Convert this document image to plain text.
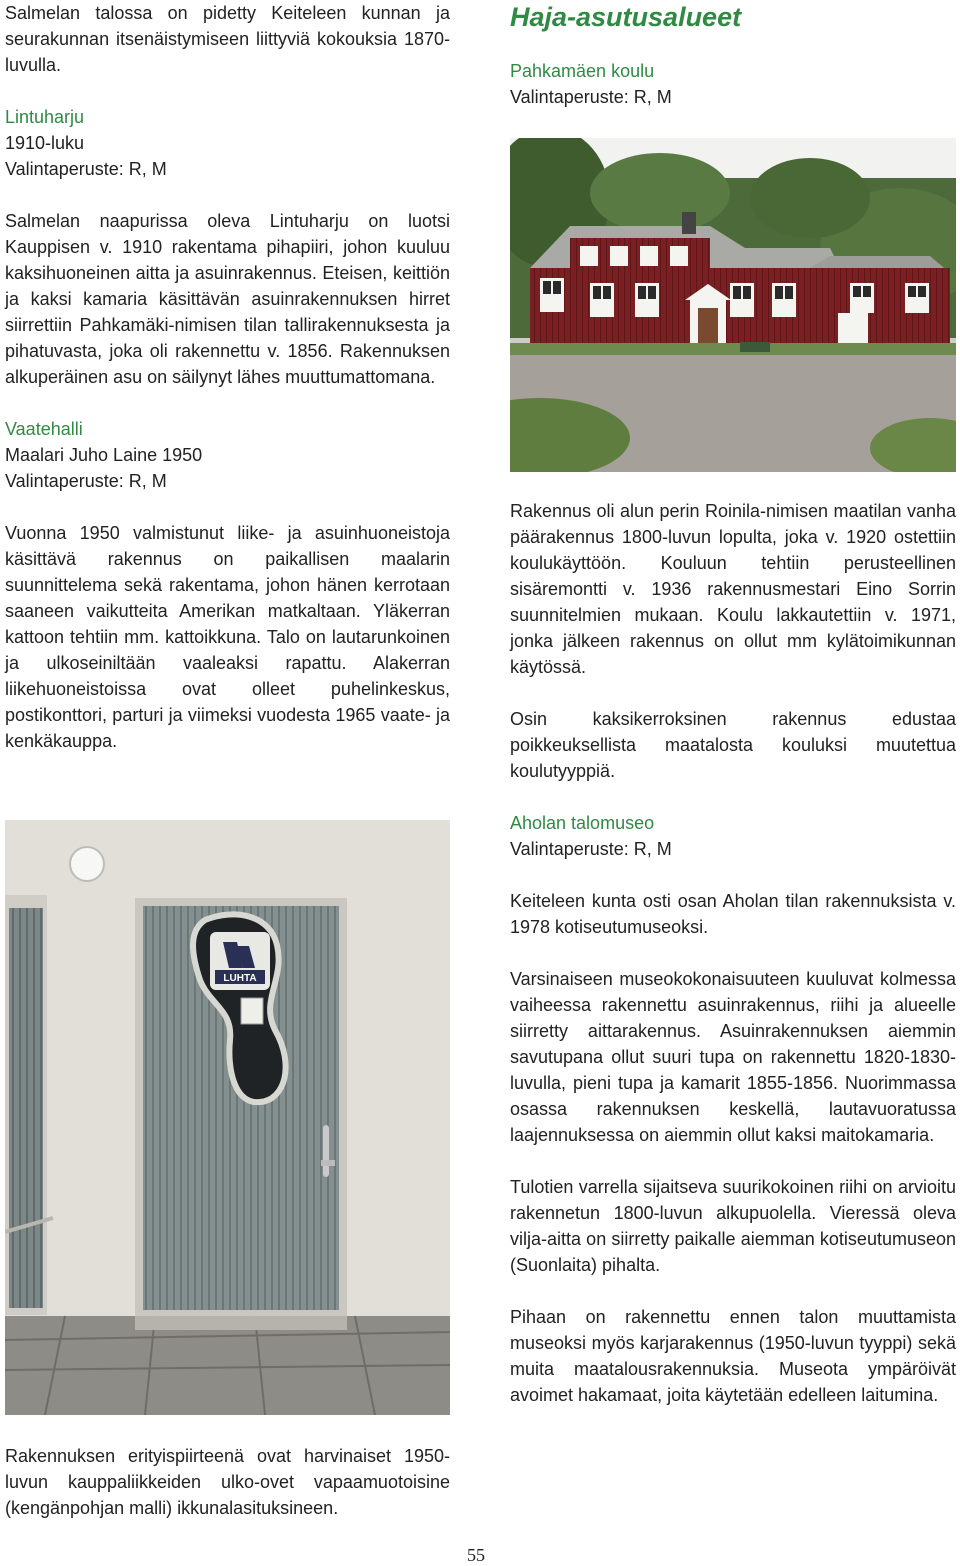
Salmelan talossa on pidetty Keiteleen kunnan ja seurakunnan itsenäistymiseen liittyviä kokouksia 1870-luvulla.

Lintuharju
1910-luku
Valintaperuste: R, M

Salmelan naapurissa oleva Lintuharju on luotsi Kauppisen v. 1910 rakentama pihapiiri, johon kuuluu kaksihuoneinen aitta ja asuinrakennus. Eteisen, keittiön ja kaksi kamaria käsittävän asuinrakennuksen hirret siirrettiin Pahkamäki-nimisen tilan tallirakennuksesta ja pihatuvasta, joka oli rakennettu v. 1856. Rakennuksen alkuperäinen asu on säilynyt lähes muuttumattomana.

Vaatehalli
Maalari Juho Laine 1950
Valintaperuste: R, M

Vuonna 1950 valmistunut liike- ja asuinhuoneistoja käsittävä rakennus on paikallisen maalarin suunnittelema sekä rakentama, johon hänen kerrotaan saaneen vaikutteita Amerikan matkaltaan. Yläkerran kattoon tehtiin mm. kattoikkuna. Talo on lautarunkoinen ja ulkoseiniltään vaaleaksi rapattu. Alakerran liikehuoneistoissa ovat olleet puhelinkeskus, postikonttori, parturi ja viimeksi vuodesta 1965 vaate- ja kenkäkauppa.

LUHTA

Rakennuksen erityispiirteenä ovat harvinaiset 1950-luvun kauppaliikkeiden ulko-ovet vapaamuotoisine (kengänpohjan malli) ikkunalasituksineen.

Haja-asutusalueet
Pahkamäen koulu
Valintaperuste: R, M

Rakennus oli alun perin Roinila-nimisen maatilan vanha päärakennus 1800-luvun lopulta, joka v. 1920 ostettiin koulukäyttöön. Kouluun tehtiin perusteellinen sisäremontti v. 1936 rakennusmestari Eino Sorrin suunnitelmien mukaan. Koulu lakkautettiin v. 1971, jonka jälkeen rakennus on ollut mm kylätoimikunnan käytössä.

Osin kaksikerroksinen rakennus edustaa poikkeuksellista maatalosta kouluksi muutettua koulutyyppiä.

Aholan talomuseo
Valintaperuste: R, M

Keiteleen kunta osti osan Aholan tilan rakennuksista v. 1978 kotiseutumuseoksi.

Varsinaiseen museokokonaisuuteen kuuluvat kolmessa vaiheessa rakennettu asuinrakennus, riihi ja alueelle siirretty aittarakennus. Asuinrakennuksen aiemmin savutupana ollut suuri tupa on rakennettu 1820-1830-luvulla, pieni tupa ja kamarit 1855-1856. Nuorimmassa osassa rakennuksen keskellä, lautavuoratussa laajennuksessa on aiemmin ollut kaksi maitokamaria.

Tulotien varrella sijaitseva suurikokoinen riihi on arvioitu rakennetun 1800-luvun alkupuolella. Vieressä oleva vilja-aitta on siirretty paikalle aiemman kotiseutumuseon (Suonlaita) pihalta.

Pihaan on rakennettu ennen talon muuttamista museoksi myös karjarakennus (1950-luvun tyyppi) sekä muita maatalousrakennuksia. Museota ympäröivät avoimet hakamaat, joita käytetään edelleen laitumina.

55
